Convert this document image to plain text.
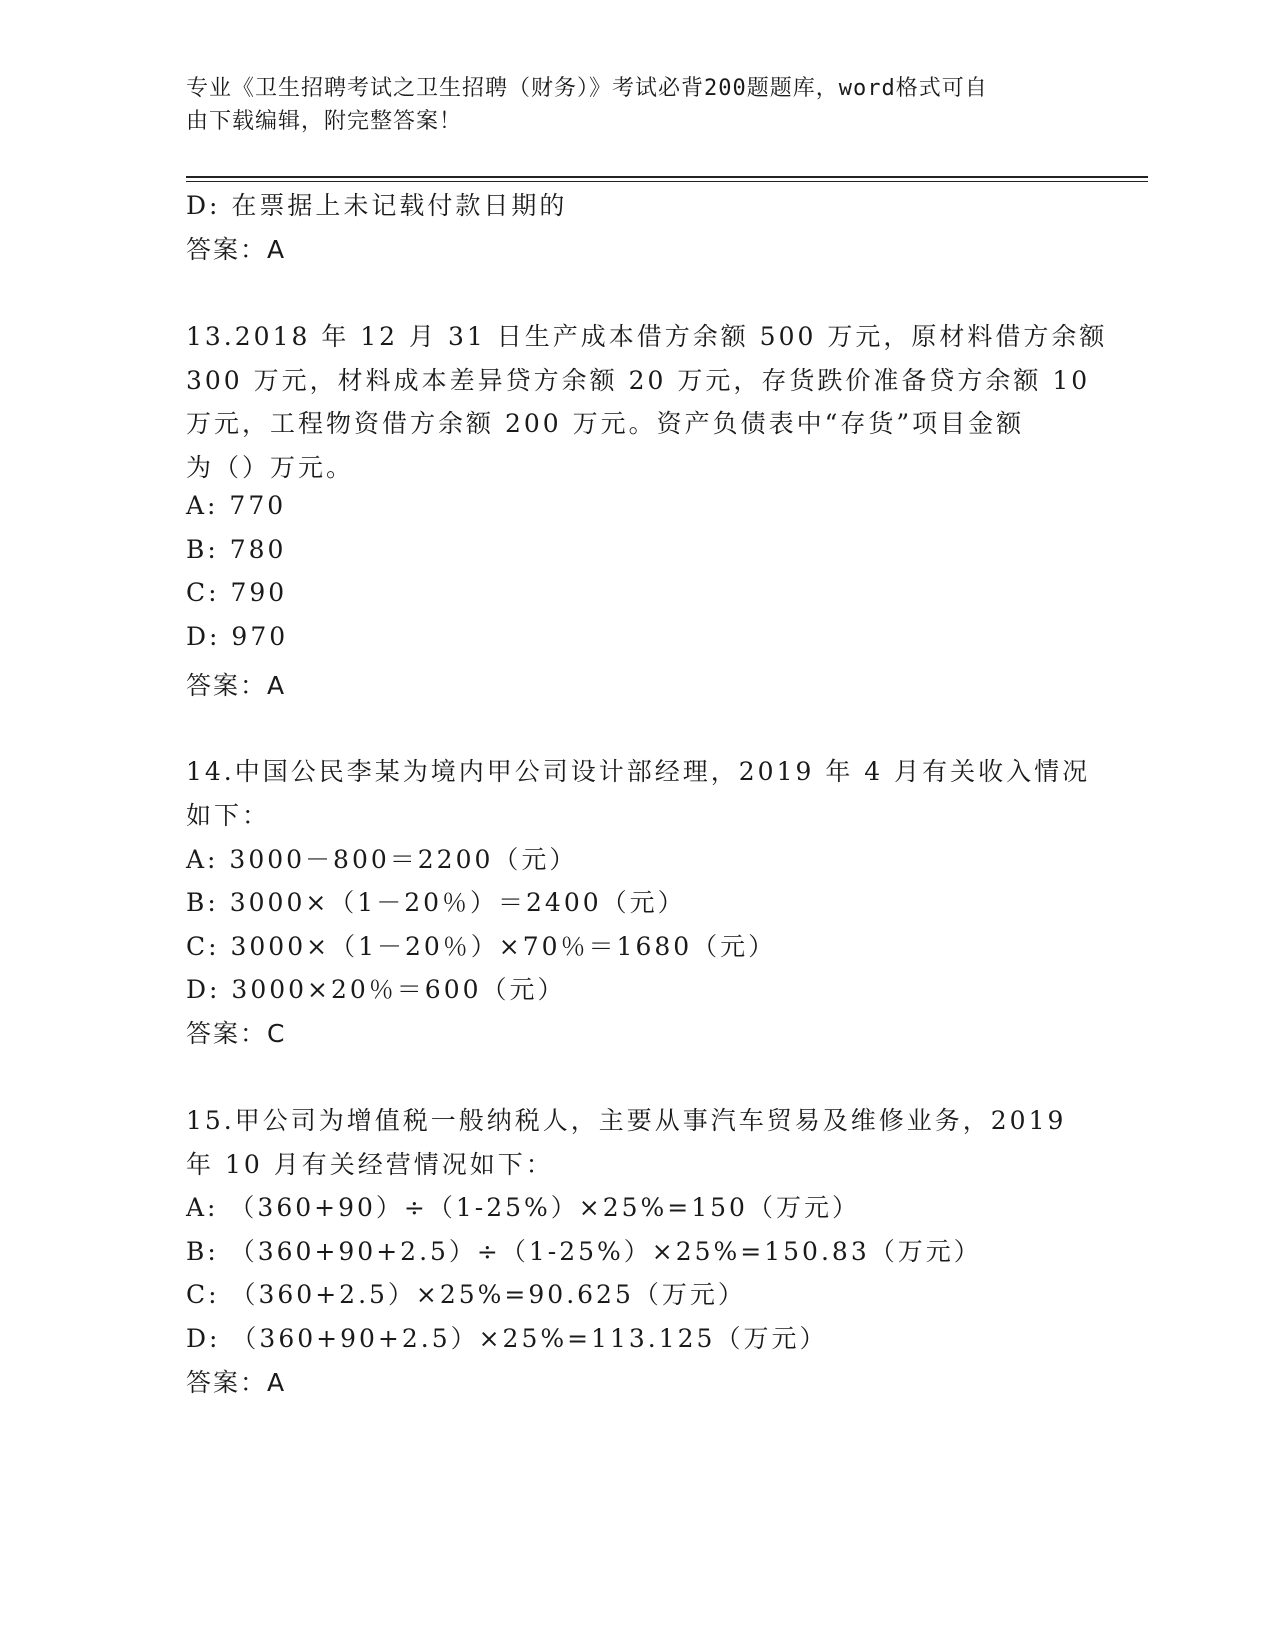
专业《卫生招聘考试之卫生招聘（财务）》考试必背200题题库，word格式可自
由下载编辑，附完整答案！
D: 在票据上未记载付款日期的
答案：A
13.2018 年 12 月 31 日生产成本借方余额 500 万元，原材料借方余额
300 万元，材料成本差异贷方余额 20 万元，存货跌价准备贷方余额 10
万元，工程物资借方余额 200 万元。资产负债表中“存货”项目金额
为（）万元。
A: 770
B: 780
C: 790
D: 970
答案：A
14.中国公民李某为境内甲公司设计部经理，2019 年 4 月有关收入情况
如下：
A: 3000－800＝2200（元）
B: 3000×（1－20％）＝2400（元）
C: 3000×（1－20％）×70％＝1680（元）
D: 3000×20％＝600（元）
答案：C
15.甲公司为增值税一般纳税人，主要从事汽车贸易及维修业务，2019
年 10 月有关经营情况如下：
A: （360+90）÷（1-25%）×25%=150（万元）
B: （360+90+2.5）÷（1-25%）×25%=150.83（万元）
C: （360+2.5）×25%=90.625（万元）
D: （360+90+2.5）×25%=113.125（万元）
答案：A
